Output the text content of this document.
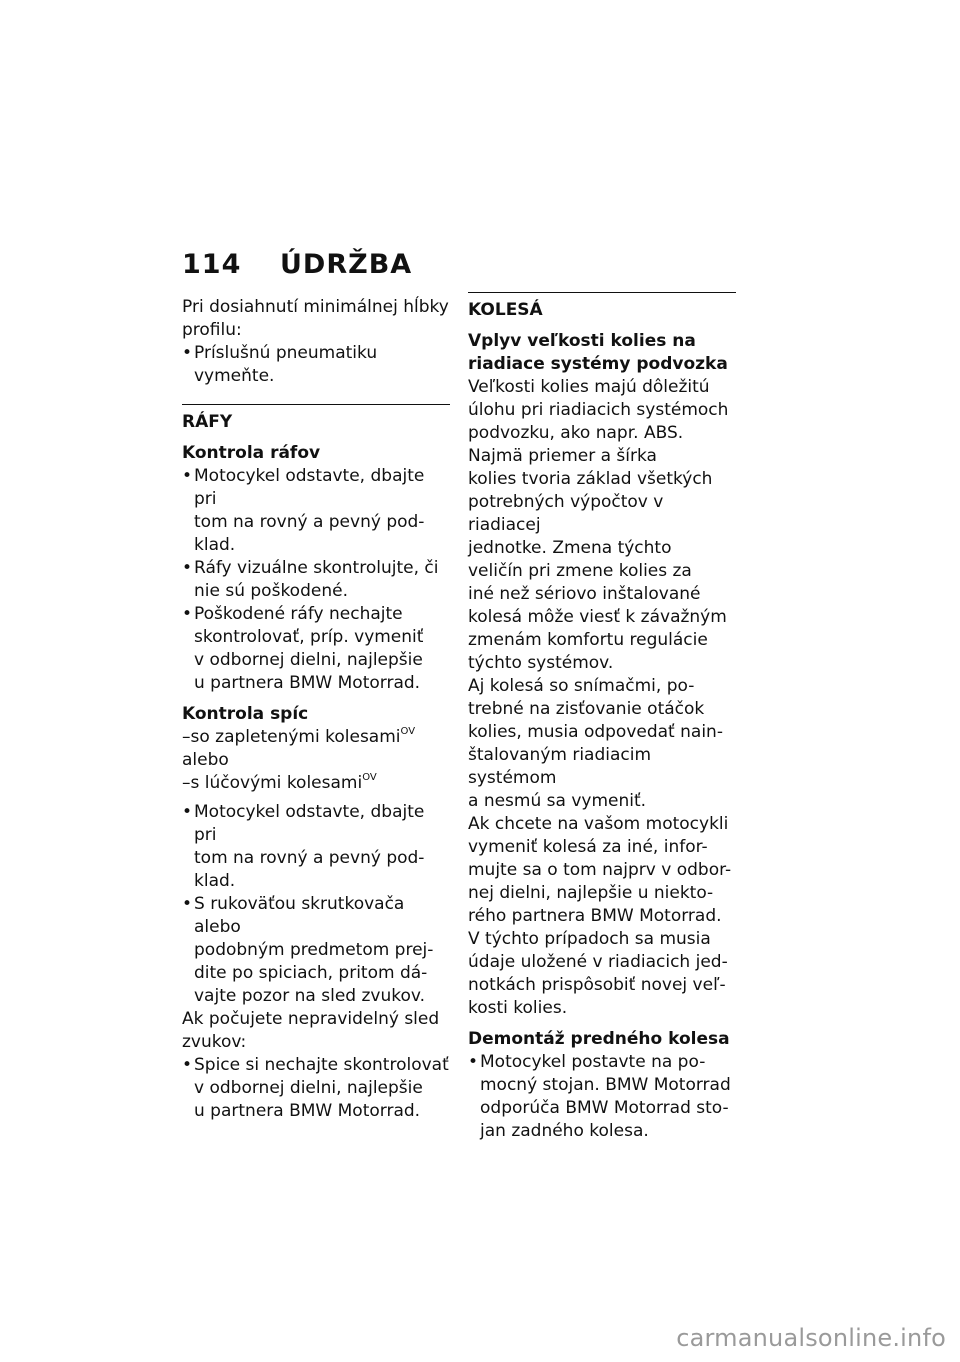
114 ÚDRŽBA

Pri dosiahnutí minimálnej hĺbky

profilu:

•
Príslušnú pneumatiku
vymeňte.
RÁFY
Kontrola ráfov
•
Motocykel odstavte, dbajte pri
tom na rovný a pevný pod-
klad.
•
Ráfy vizuálne skontrolujte, či
nie sú poškodené.
•
Poškodené ráfy nechajte
skontrolovať, príp. vymeniť
v odbornej dielni, najlepšie
u partnera BMW Motorrad.
Kontrola spíc

–so zapletenými kolesami$^{OV}$

alebo

–s lúčovými kolesami$^{OV}$

•
Motocykel odstavte, dbajte pri
tom na rovný a pevný pod-
klad.
•
S rukoväťou skrutkovača alebo
podobným predmetom prej-
dite po spiciach, pritom dá-
vajte pozor na sled zvukov.

Ak počujete nepravidelný sled

zvukov:

•
Spice si nechajte skontrolovať
v odbornej dielni, najlepšie
u partnera BMW Motorrad.
KOLESÁ
Vplyv veľkosti kolies na
riadiace systémy podvozka
Veľkosti kolies majú dôležitú
úlohu pri riadiacich systémoch
podvozku, ako napr. ABS.
Najmä priemer a šírka
kolies tvoria základ všetkých
potrebných výpočtov v riadiacej
jednotke. Zmena týchto
veličín pri zmene kolies za
iné než sériovo inštalované
kolesá môže viesť k závažným
zmenám komfortu regulácie
týchto systémov.
Aj kolesá so snímačmi, po-
trebné na zisťovanie otáčok
kolies, musia odpovedať nain-
štalovaným riadiacim systémom
a nesmú sa vymeniť.
Ak chcete na vašom motocykli
vymeniť kolesá za iné, infor-
mujte sa o tom najprv v odbor-
nej dielni, najlepšie u niekto-
rého partnera BMW Motorrad.
V týchto prípadoch sa musia
údaje uložené v riadiacich jed-
notkách prispôsobiť novej veľ-
kosti kolies.
Demontáž predného kolesa
•
Motocykel postavte na po-
mocný stojan. BMW Motorrad
odporúča BMW Motorrad sto-
jan zadného kolesa.
carmanualsonline.info
